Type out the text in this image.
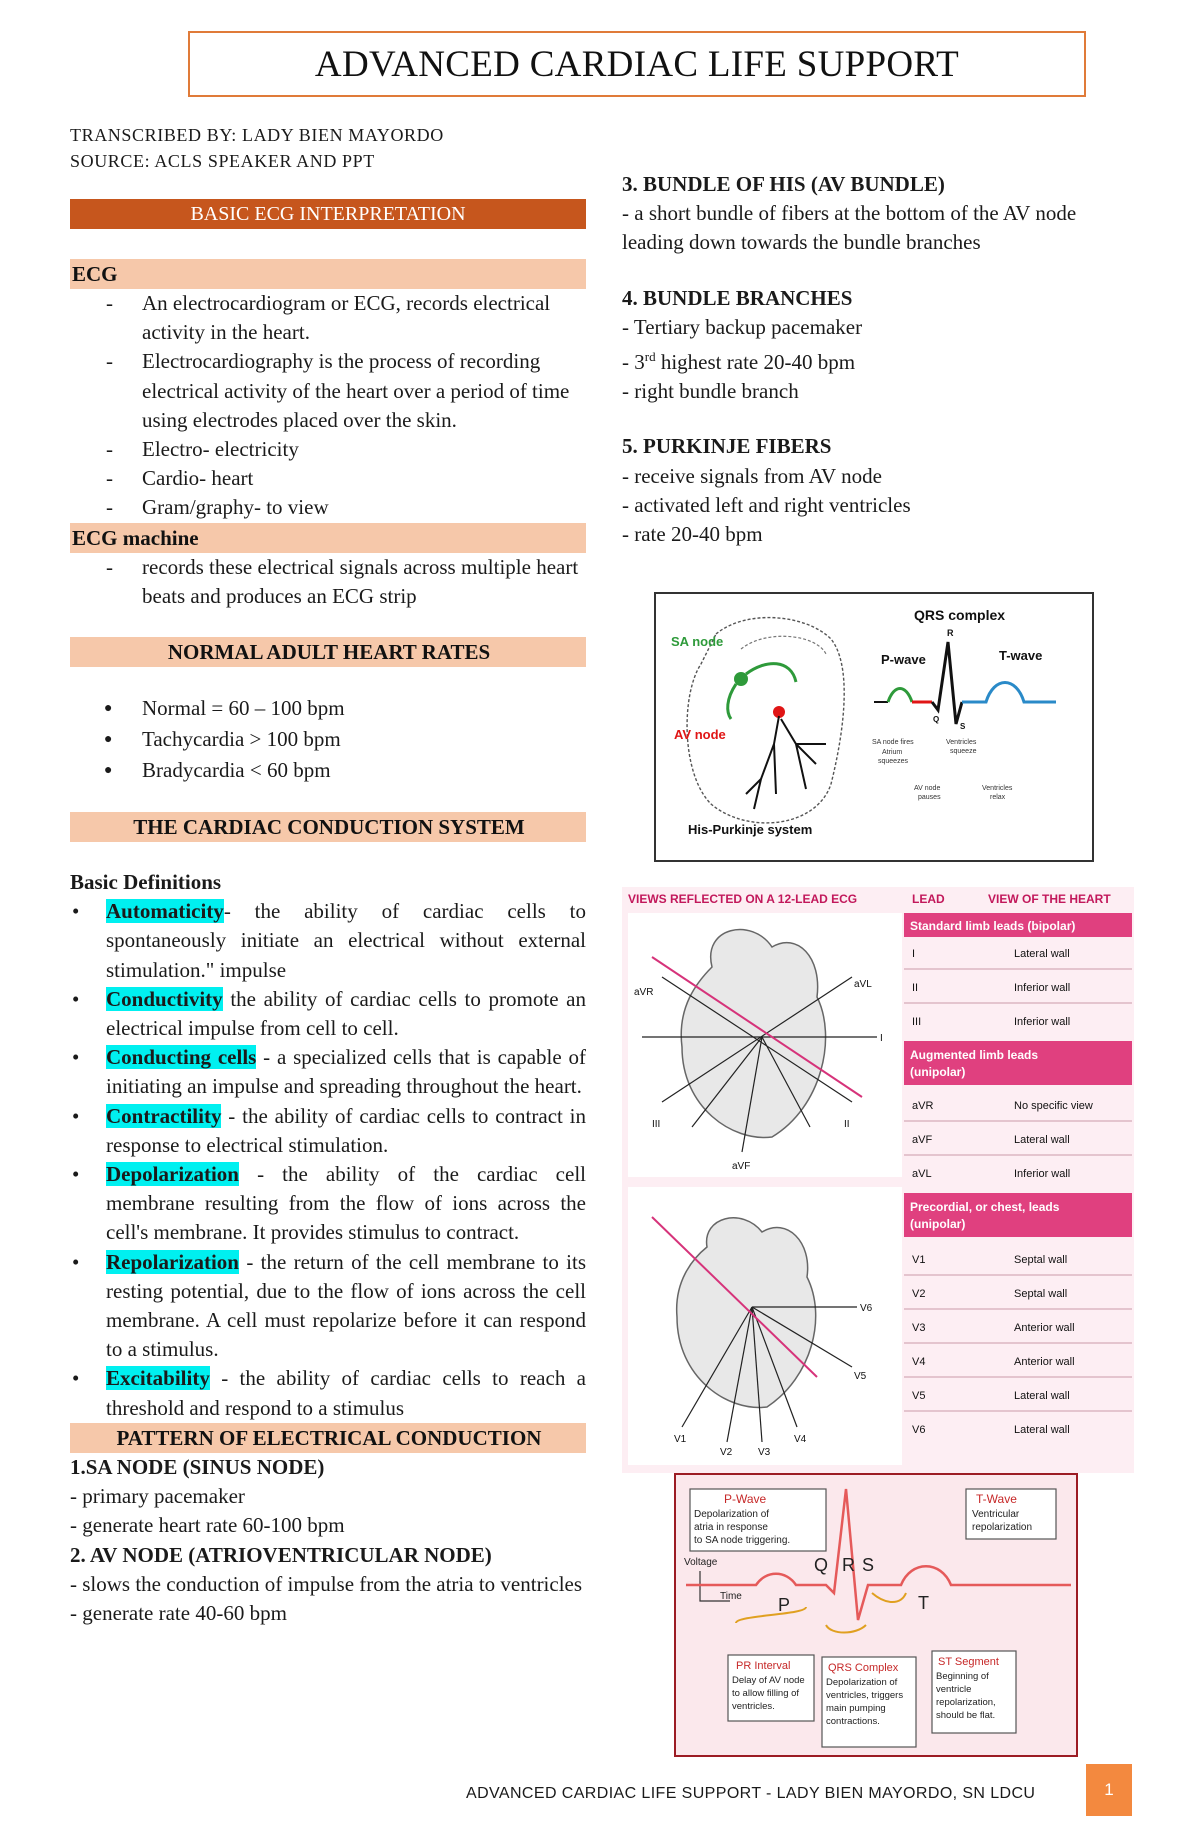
ADVANCED CARDIAC LIFE SUPPORT
TRANSCRIBED BY: LADY BIEN MAYORDO
SOURCE: ACLS SPEAKER AND PPT
BASIC ECG INTERPRETATION
ECG
- An electrocardiogram or ECG, records electrical activity in the heart.
- Electrocardiography is the process of recording electrical activity of the heart over a period of time using electrodes placed over the skin.
- Electro- electricity
- Cardio- heart
- Gram/graphy- to view
ECG machine
- records these electrical signals across multiple heart beats and produces an ECG strip
NORMAL ADULT HEART RATES
● Normal = 60 – 100 bpm
● Tachycardia > 100 bpm
● Bradycardia < 60 bpm
THE CARDIAC CONDUCTION SYSTEM
Basic Definitions
• Automaticity- the ability of cardiac cells to spontaneously initiate an electrical without external stimulation." impulse
• Conductivity the ability of cardiac cells to promote an electrical impulse from cell to cell.
• Conducting cells - a specialized cells that is capable of initiating an impulse and spreading throughout the heart.
• Contractility - the ability of cardiac cells to contract in response to electrical stimulation.
• Depolarization - the ability of the cardiac cell membrane resulting from the flow of ions across the cell's membrane. It provides stimulus to contract.
• Repolarization - the return of the cell membrane to its resting potential, due to the flow of ions across the cell membrane. A cell must repolarize before it can respond to a stimulus.
• Excitability - the ability of cardiac cells to reach a threshold and respond to a stimulus
PATTERN OF ELECTRICAL CONDUCTION
1.SA NODE (SINUS NODE)
- primary pacemaker
- generate heart rate 60-100 bpm
2. AV NODE (ATRIOVENTRICULAR NODE)
- slows the conduction of impulse from the atria to ventricles
- generate rate 40-60 bpm
3. BUNDLE OF HIS (AV BUNDLE)
- a short bundle of fibers at the bottom of the AV node leading down towards the bundle branches
4. BUNDLE BRANCHES
- Tertiary backup pacemaker
- 3rd highest rate 20-40 bpm
- right bundle branch
5. PURKINJE FIBERS
- receive signals from AV node
- activated left and right ventricles
- rate 20-40 bpm
SA node
AV node
His-Purkinje system
QRS complex
R
P-wave	T-wave
Q
S
SA node fires
Atrium
squeezes
Ventricles
squeeze
AV node
pauses
Ventricles
relax
VIEWS REFLECTED ON A 12-LEAD ECG	LEAD	VIEW OF THE HEART
aVR
aVL
I
III	II
aVF
V1
V2	V3
V4
V5
V6
Standard limb leads (bipolar)
I	Lateral wall
II	Inferior wall
III	Inferior wall
Augmented limb leads
(unipolar)
aVR	No specific view
aVF	Lateral wall
aVL	Inferior wall
Precordial, or chest, leads
(unipolar)
V1	Septal wall
V2	Septal wall
V3	Anterior wall
V4	Anterior wall
V5	Lateral wall
V6	Lateral wall
P-Wave
Depolarization of
atria in response
to SA node triggering.
T-Wave
Ventricular
repolarization
Voltage
Time P
Q R S
T
PR Interval
Delay of AV node
to allow filling of
ventricles.
QRS Complex
Depolarization of
ventricles, triggers
main pumping
contractions.
ST Segment
Beginning of
ventricle
repolarization,
should be flat.
ADVANCED CARDIAC LIFE SUPPORT - LADY BIEN MAYORDO, SN LDCU	1
